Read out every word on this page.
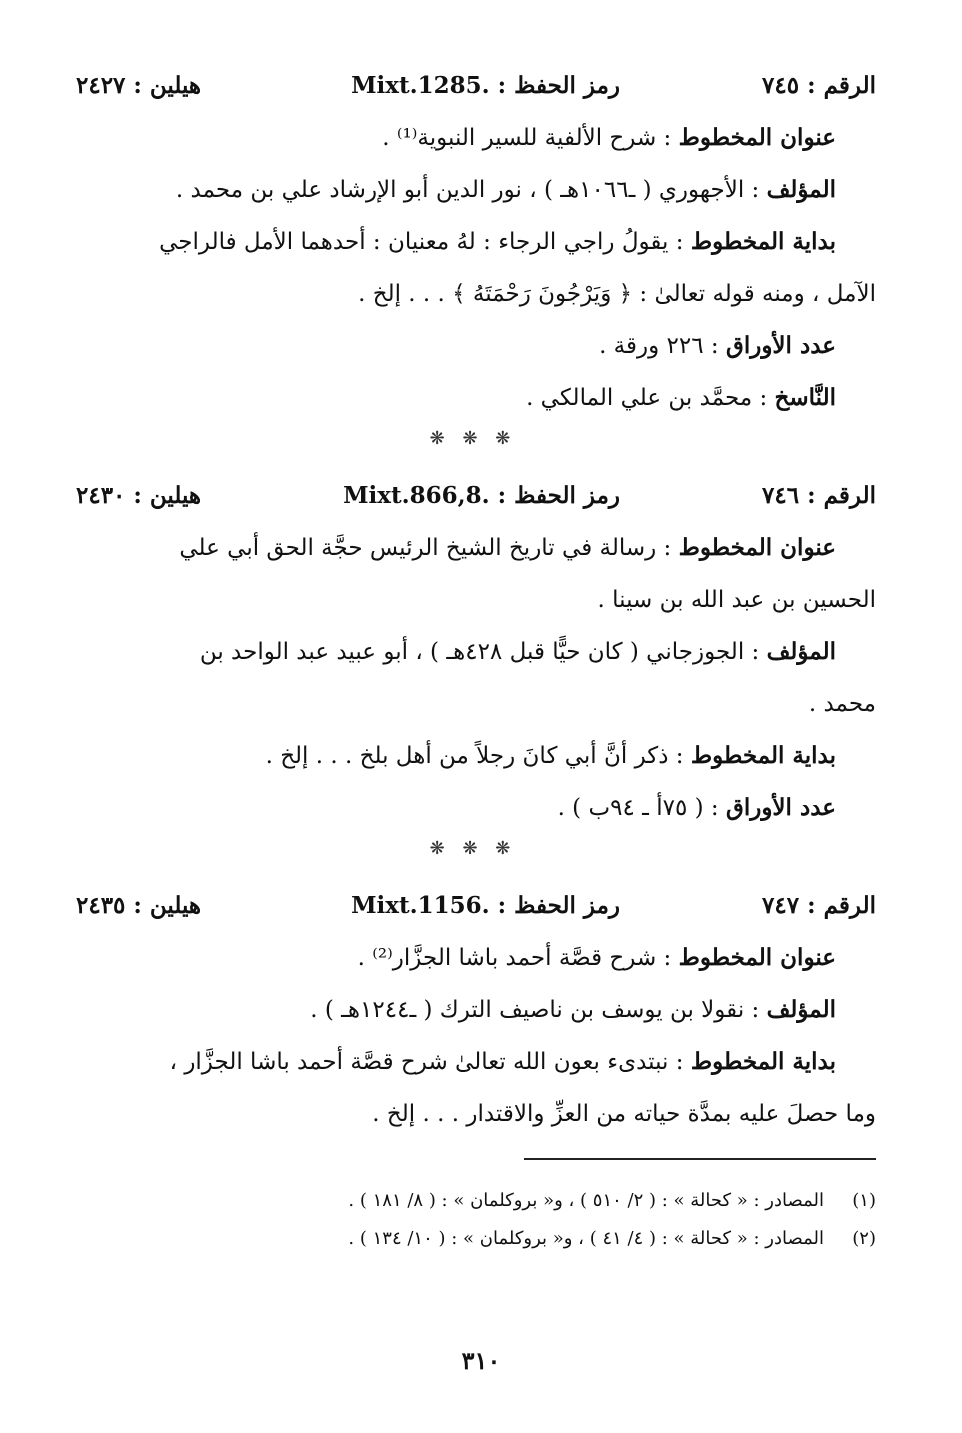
الرقم : ٧٤٥
رمز الحفظ : Mixt.1285.
هيلين : ٢٤٢٧
عنوان المخطوط : شرح الألفية للسير النبوية⁽¹⁾ .
المؤلف : الأجهوري ( ـ١٠٦٦هـ ) ، نور الدين أبو الإرشاد علي بن محمد .
بداية المخطوط : يقولُ راجي الرجاء : لهُ معنيان : أحدهما الأمل فالراجي
الآمل ، ومنه قوله تعالىٰ : ﴿ وَيَرْجُونَ رَحْمَتَهُ ﴾ . . . إلخ .
عدد الأوراق : ٢٢٦ ورقة .
النَّاسخ : محمَّد بن علي المالكي .
❋ ❋ ❋
الرقم : ٧٤٦
رمز الحفظ : Mixt.866,8.
هيلين : ٢٤٣٠
عنوان المخطوط : رسالة في تاريخ الشيخ الرئيس حجَّة الحق أبي علي
الحسين بن عبد الله بن سينا .
المؤلف : الجوزجاني ( كان حيًّا قبل ٤٢٨هـ ) ، أبو عبيد عبد الواحد بن
محمد .
بداية المخطوط : ذكر أنَّ أبي كانَ رجلاً من أهل بلخ . . . إلخ .
عدد الأوراق : ( ٧٥أ ـ ٩٤ب ) .
❋ ❋ ❋
الرقم : ٧٤٧
رمز الحفظ : Mixt.1156.
هيلين : ٢٤٣٥
عنوان المخطوط : شرح قصَّة أحمد باشا الجزَّار⁽²⁾ .
المؤلف : نقولا بن يوسف بن ناصيف الترك ( ـ١٢٤٤هـ ) .
بداية المخطوط : نبتدىء بعون الله تعالىٰ شرح قصَّة أحمد باشا الجزَّار ،
وما حصلَ عليه بمدَّة حياته من العزِّ والاقتدار . . . إلخ .
(١)المصادر : « كحالة » : ( ٢/ ٥١٠ ) ، و« بروكلمان » : ( ٨/ ١٨١ ) .
(٢)المصادر : « كحالة » : ( ٤/ ٤١ ) ، و« بروكلمان » : ( ١٠/ ١٣٤ ) .
٣١٠
